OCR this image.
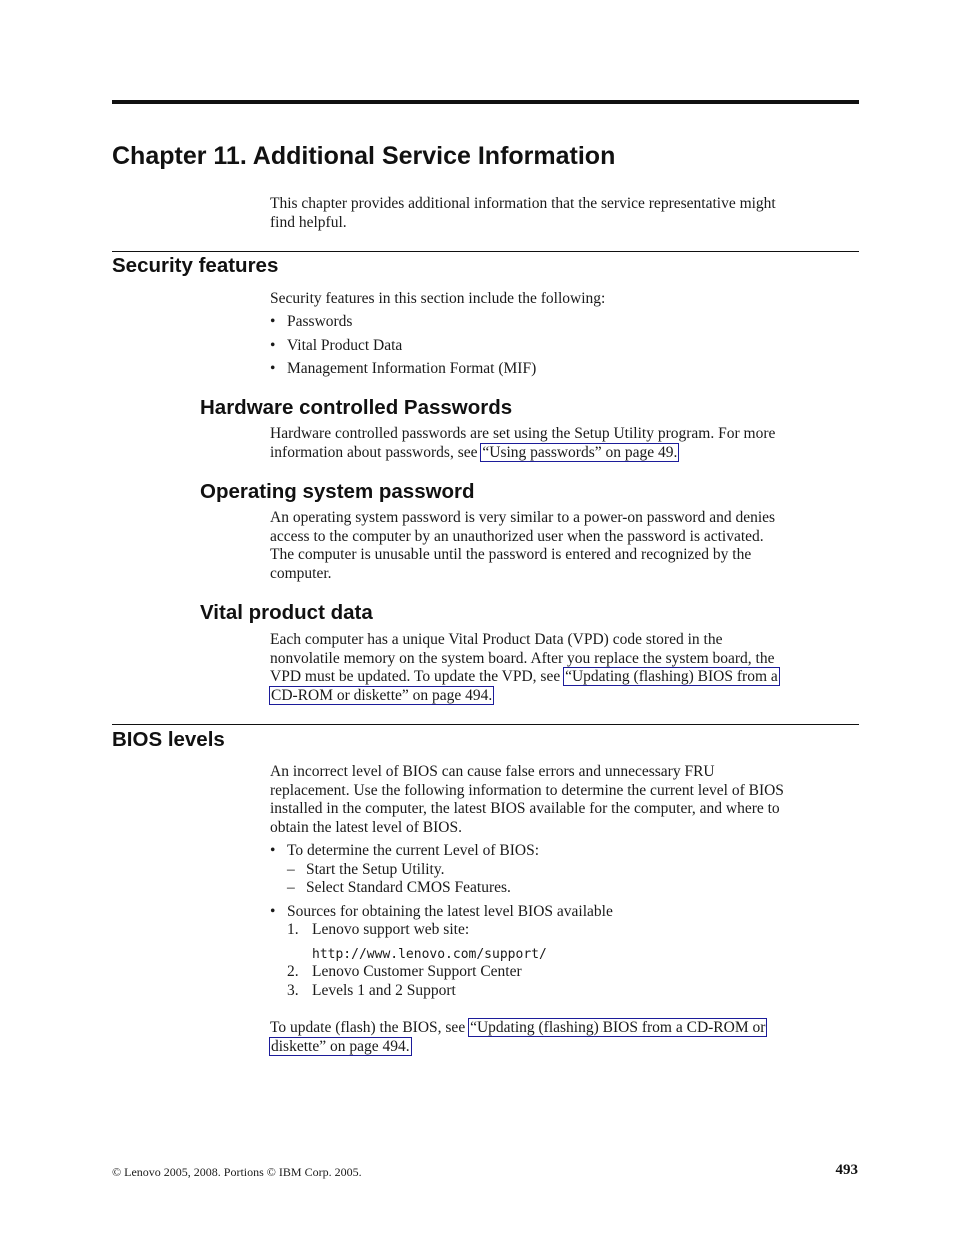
Chapter 11. Additional Service Information

This chapter provides additional information that the service representative might

find helpful.

Security features

Security features in this section include the following:

• Passwords
• Vital Product Data
• Management Information Format (MIF)
Hardware controlled Passwords

Hardware controlled passwords are set using the Setup Utility program. For more

information about passwords, see “Using passwords” on page 49.

Operating system password

An operating system password is very similar to a power-on password and denies

access to the computer by an unauthorized user when the password is activated.

The computer is unusable until the password is entered and recognized by the

computer.

Vital product data

Each computer has a unique Vital Product Data (VPD) code stored in the

nonvolatile memory on the system board. After you replace the system board, the

VPD must be updated. To update the VPD, see “Updating (flashing) BIOS from a

CD-ROM or diskette” on page 494.

BIOS levels

An incorrect level of BIOS can cause false errors and unnecessary FRU

replacement. Use the following information to determine the current level of BIOS

installed in the computer, the latest BIOS available for the computer, and where to

obtain the latest level of BIOS.

• To determine the current Level of BIOS:
– Start the Setup Utility.
– Select Standard CMOS Features.
• Sources for obtaining the latest level BIOS available
1. Lenovo support web site:
http://www.lenovo.com/support/
2. Lenovo Customer Support Center
3. Levels 1 and 2 Support

To update (flash) the BIOS, see “Updating (flashing) BIOS from a CD-ROM or

diskette” on page 494.

© Lenovo 2005, 2008. Portions © IBM Corp. 2005.	493
